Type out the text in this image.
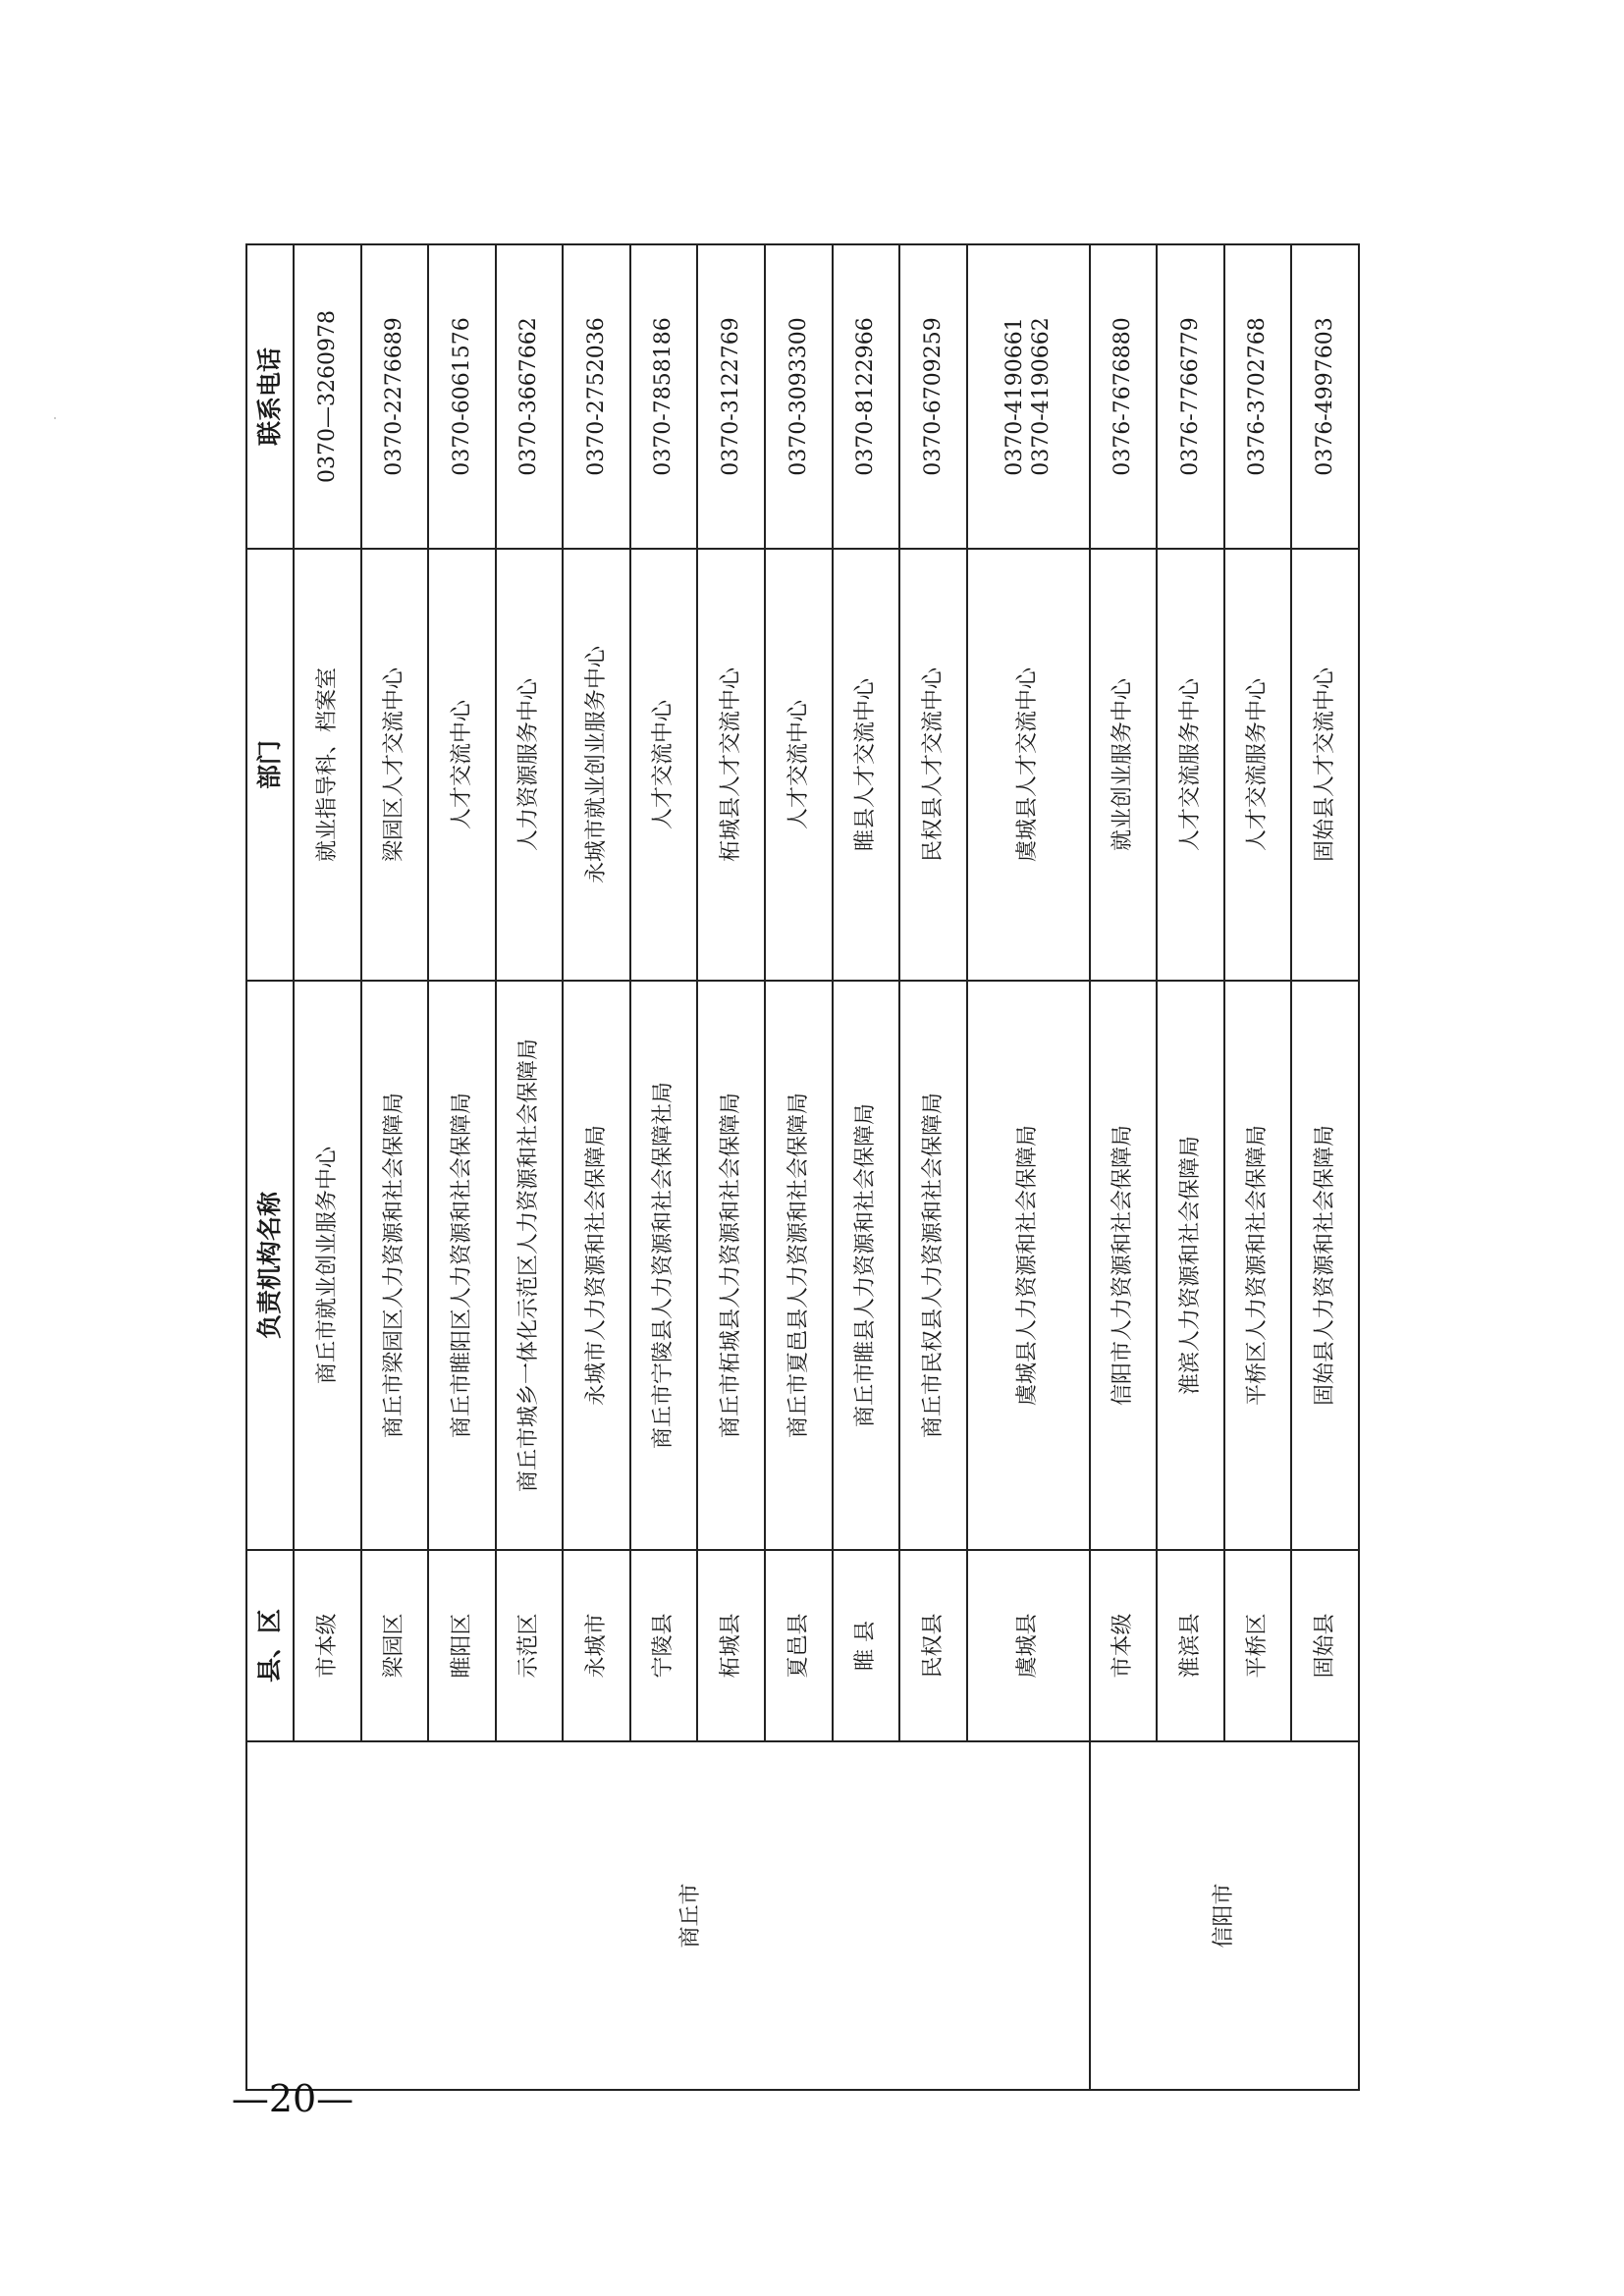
	县、区	负责机构名称	部门	联系电话
商丘市	市本级	商丘市就业创业服务中心	就业指导科、档案室	0370—3260978
	梁园区	商丘市梁园区人力资源和社会保障局	梁园区人才交流中心	0370-2276689
	睢阳区	商丘市睢阳区人力资源和社会保障局	人才交流中心	0370-6061576
	示范区	商丘市城乡一体化示范区人力资源和社会保障局	人力资源服务中心	0370-3667662
	永城市	永城市人力资源和社会保障局	永城市就业创业服务中心	0370-2752036
	宁陵县	商丘市宁陵县人力资源和社会保障社局	人才交流中心	0370-7858186
	柘城县	商丘市柘城县人力资源和社会保障局	柘城县人才交流中心	0370-3122769
	夏邑县	商丘市夏邑县人力资源和社会保障局	人才交流中心	0370-3093300
	睢 县	商丘市睢县人力资源和社会保障局	睢县人才交流中心	0370-8122966
	民权县	商丘市民权县人力资源和社会保障局	民权县人才交流中心	0370-6709259
	虞城县	虞城县人力资源和社会保障局	虞城县人才交流中心	0370-4190661
0370-4190662
信阳市	市本级	信阳市人力资源和社会保障局	就业创业服务中心	0376-7676880
	淮滨县	淮滨人力资源和社会保障局	人才交流服务中心	0376-7766779
	平桥区	平桥区人力资源和社会保障局	人才交流服务中心	0376-3702768
	固始县	固始县人力资源和社会保障局	固始县人才交流中心	0376-4997603
—20—
